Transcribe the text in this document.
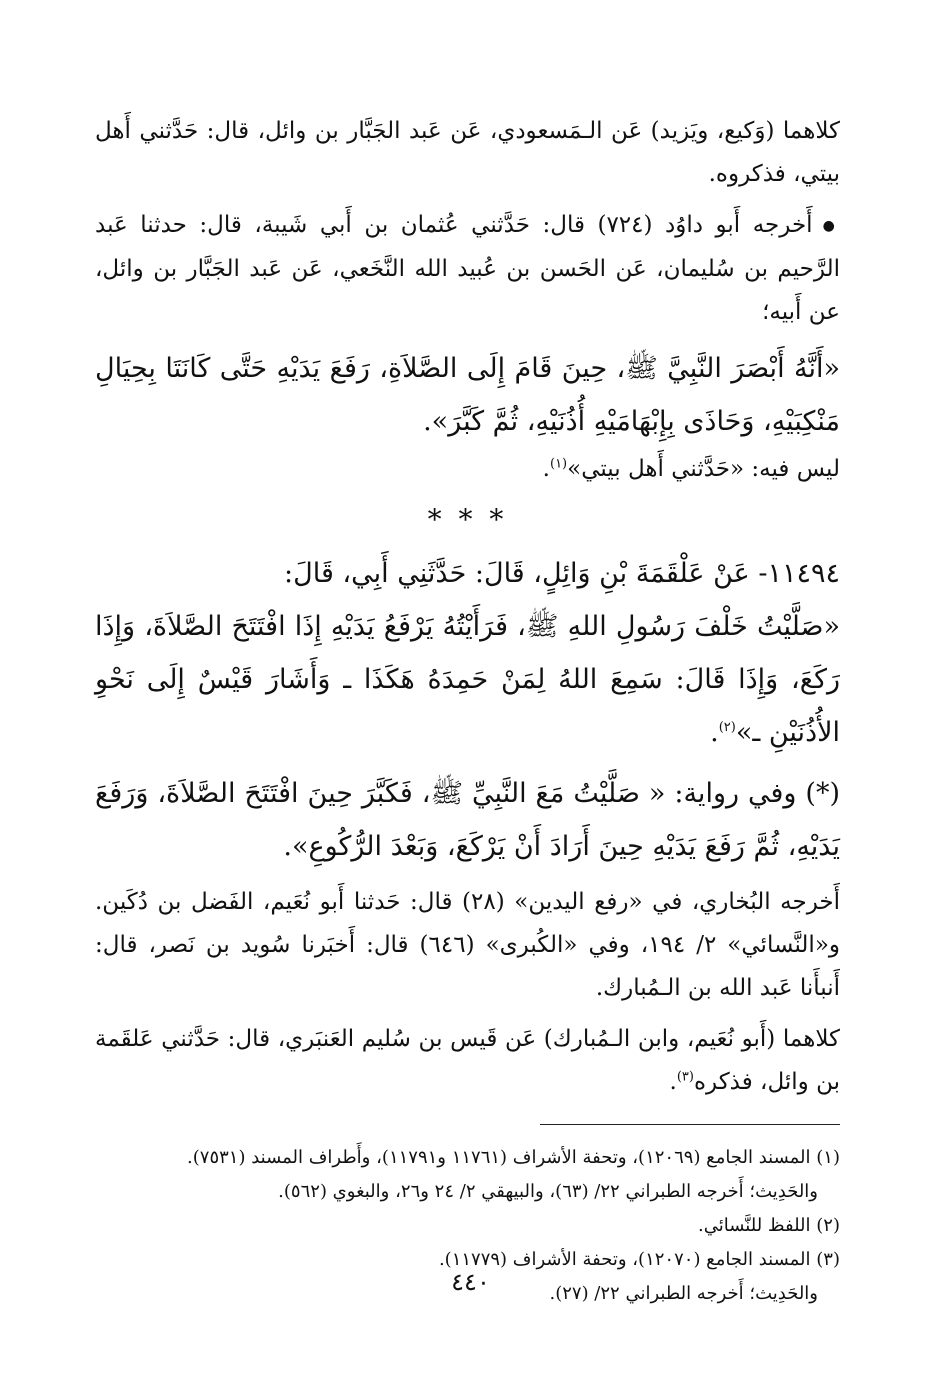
كلاهما (وَكيع، ويَزيد) عَن الـمَسعودي، عَن عَبد الجَبَّار بن وائل، قال: حَدَّثني أَهل بيتي، فذكروه.

● أَخرجه أَبو داوُد (٧٢٤) قال: حَدَّثني عُثمان بن أَبي شَيبة، قال: حدثنا عَبد الرَّحيم بن سُليمان، عَن الحَسن بن عُبيد الله النَّخَعي، عَن عَبد الجَبَّار بن وائل، عن أَبيه؛

«أَنَّهُ أَبْصَرَ النَّبِيَّ ﷺ، حِينَ قَامَ إِلَى الصَّلاَةِ، رَفَعَ يَدَيْهِ حَتَّى كَانَتَا بِحِيَالِ مَنْكِبَيْهِ، وَحَاذَى بِإِبْهَامَيْهِ أُذُنَيْهِ، ثُمَّ كَبَّرَ».

ليس فيه: «حَدَّثني أَهل بيتي»$^{(١)}$.

* * *

١١٤٩٤- عَنْ عَلْقَمَةَ بْنِ وَائِلٍ، قَالَ: حَدَّثَنِي أَبِي، قَالَ:

«صَلَّيْتُ خَلْفَ رَسُولِ اللهِ ﷺ، فَرَأَيْتُهُ يَرْفَعُ يَدَيْهِ إِذَا افْتَتَحَ الصَّلاَةَ، وَإِذَا رَكَعَ، وَإِذَا قَالَ: سَمِعَ اللهُ لِمَنْ حَمِدَهُ هَكَذَا ـ وَأَشَارَ قَيْسٌ إِلَى نَحْوِ الأُذُنَيْنِ ـ»$^{(٢)}$.

(*) وفي رواية: « صَلَّيْتُ مَعَ النَّبِيِّ ﷺ، فَكَبَّرَ حِينَ افْتَتَحَ الصَّلاَةَ، وَرَفَعَ يَدَيْهِ، ثُمَّ رَفَعَ يَدَيْهِ حِينَ أَرَادَ أَنْ يَرْكَعَ، وَبَعْدَ الرُّكُوعِ».

أَخرجه البُخاري، في «رفع اليدين» (٢٨) قال: حَدثنا أَبو نُعَيم، الفَضل بن دُكَين. و«النَّسائي» ٢/ ١٩٤، وفي «الكُبرى» (٦٤٦) قال: أَخبَرنا سُويد بن نَصر، قال: أَنبأَنا عَبد الله بن الـمُبارك.

كلاهما (أَبو نُعَيم، وابن الـمُبارك) عَن قَيس بن سُليم العَنبَري، قال: حَدَّثني عَلقَمة بن وائل، فذكره$^{(٣)}$.

(١) المسند الجامع (١٢٠٦٩)، وتحفة الأشراف (١١٧٦١ و١١٧٩١)، وأَطراف المسند (٧٥٣١).

والحَدِيث؛ أَخرجه الطبراني ٢٢/ (٦٣)، والبيهقي ٢/ ٢٤ و٢٦، والبغوي (٥٦٢).

(٢) اللفظ للنَّسائي.

(٣) المسند الجامع (١٢٠٧٠)، وتحفة الأشراف (١١٧٧٩).

والحَدِيث؛ أَخرجه الطبراني ٢٢/ (٢٧).

٤٤٠
